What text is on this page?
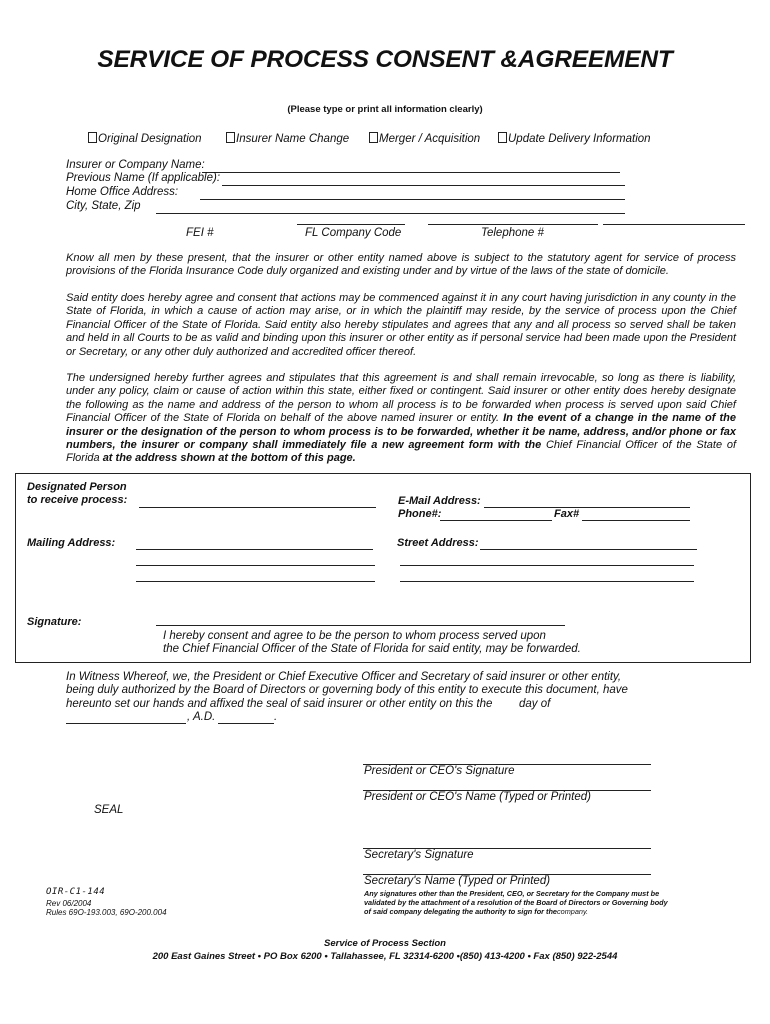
SERVICE OF PROCESS CONSENT &AGREEMENT
(Please type or print all information clearly)
Original Designation	Insurer Name Change	Merger / Acquisition	Update Delivery Information
Insurer or Company Name:
Previous Name (If applicable):
Home Office Address:
City, State, Zip
FEI #	FL Company Code	Telephone #

Know all men by these present, that the insurer or other entity named above is subject to the statutory agent for service of process provisions of the Florida Insurance Code duly organized and existing under and by virtue of the laws of the state of domicile.

Said entity does hereby agree and consent that actions may be commenced against it in any court having jurisdiction in any county in the State of Florida, in which a cause of action may arise, or in which the plaintiff may reside, by the service of process upon the Chief Financial Officer of the State of Florida. Said entity also hereby stipulates and agrees that any and all process so served shall be taken and held in all Courts to be as valid and binding upon this insurer or other entity as if personal service had been made upon the President or Secretary, or any other duly authorized and accredited officer thereof.

The undersigned hereby further agrees and stipulates that this agreement is and shall remain irrevocable, so long as there is liability, under any policy, claim or cause of action within this state, either fixed or contingent. Said insurer or other entity does hereby designate the following as the name and address of the person to whom all process is to be forwarded when process is served upon said Chief Financial Officer of the State of Florida on behalf of the above named insurer or entity. In the event of a change in the name of the insurer or the designation of the person to whom process is to be forwarded, whether it be name, address, and/or phone or fax numbers, the insurer or company shall immediately file a new agreement form with the Chief Financial Officer of the State of Florida at the address shown at the bottom of this page.

Designated Person
to receive process:	E-Mail Address:
Phone#:	Fax#
Mailing Address:	Street Address:
Signature:
I hereby consent and agree to be the person to whom process served upon
the Chief Financial Officer of the State of Florida for said entity, may be forwarded.
In Witness Whereof, we, the President or Chief Executive Officer and Secretary of said insurer or other entity,
being duly authorized by the Board of Directors or governing body of this entity to execute this document, have
hereunto set our hands and affixed the seal of said insurer or other entity on this the day of
, A.D.	.
President or CEO's Signature
President or CEO's Name (Typed or Printed)
SEAL
Secretary's Signature
Secretary's Name (Typed or Printed)
OIR-C1-144
Rev 06/2004
Rules 69O-193.003, 69O-200.004
Any signatures other than the President, CEO, or Secretary for the Company must be
validated by the attachment of a resolution of the Board of Directors or Governing body
of said company delegating the authority to sign for thecompany.
Service of Process Section
200 East Gaines Street • PO Box 6200 • Tallahassee, FL 32314-6200 •(850) 413-4200 • Fax (850) 922-2544
